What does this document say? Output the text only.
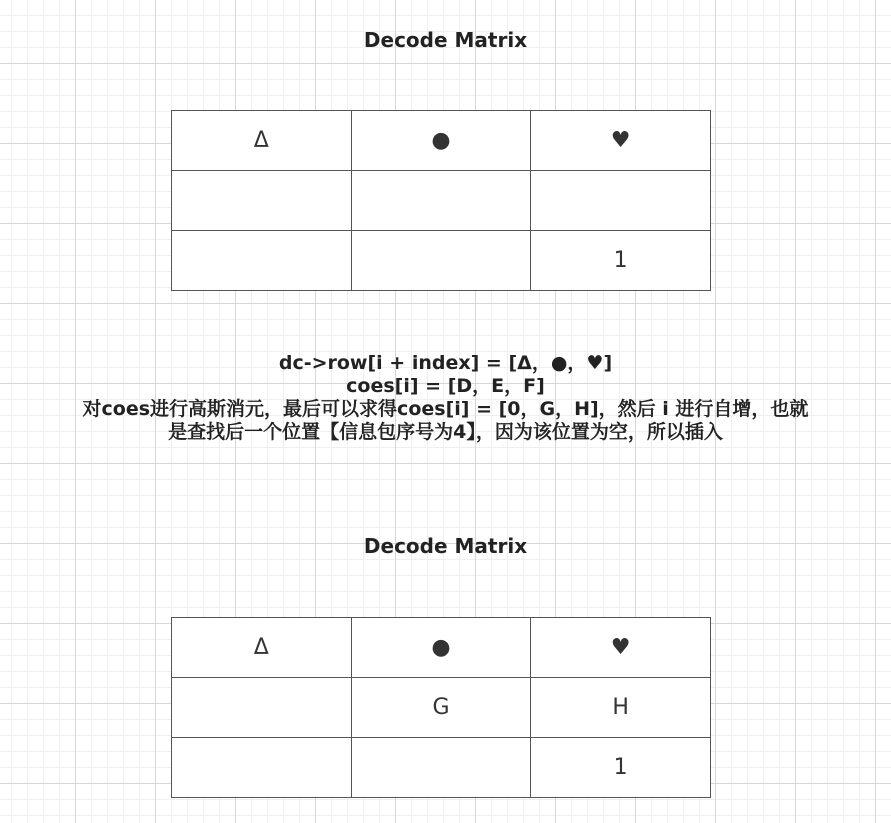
Decode Matrix
Δ	●	♥

		1
dc->row[i + index] = [Δ，●，♥]
coes[i] = [D，E，F]
对coes进行高斯消元，最后可以求得coes[i] = [0，G，H]，然后 i 进行自增，也就
是查找后一个位置【信息包序号为4】，因为该位置为空，所以插入
Decode Matrix
Δ	●	♥
	G	H
		1
